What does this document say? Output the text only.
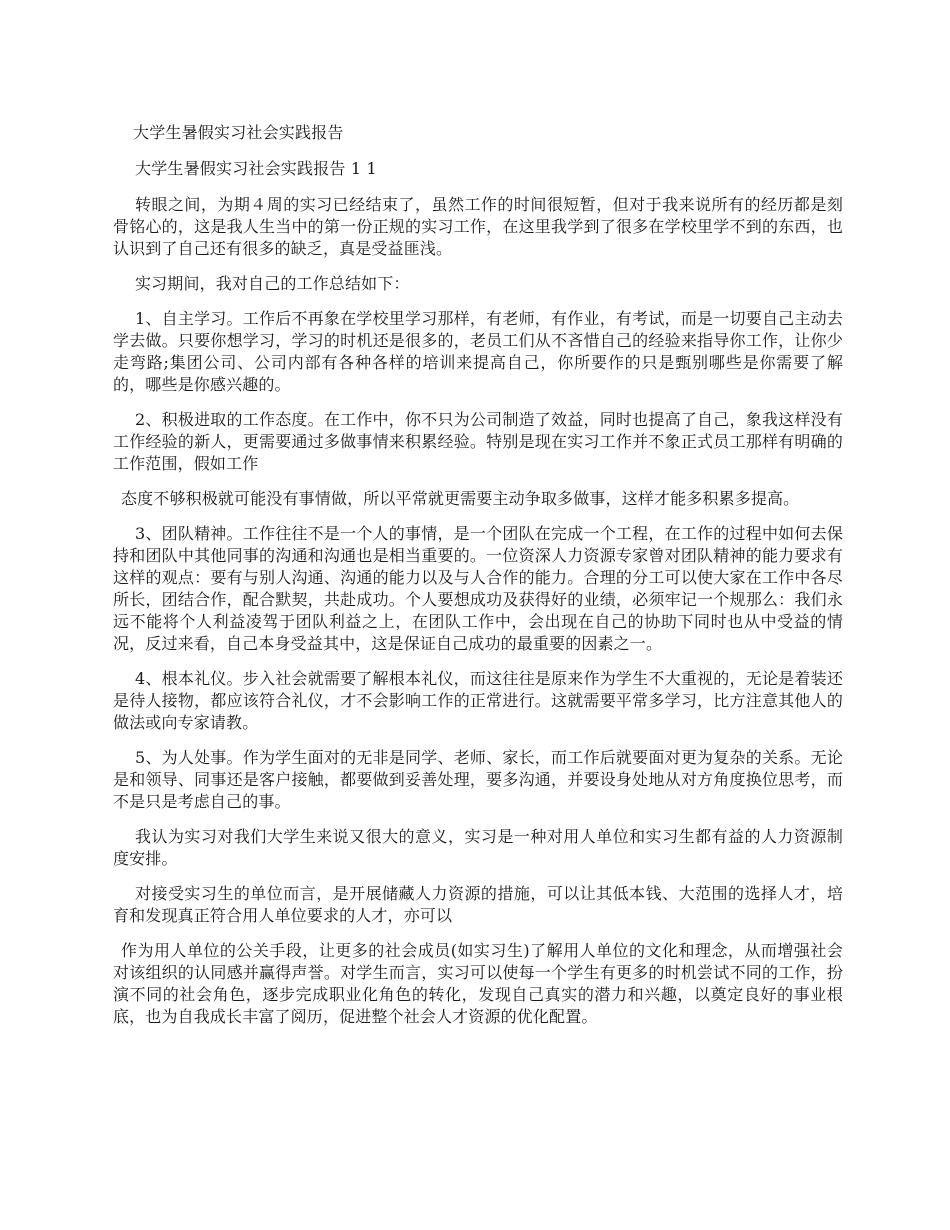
大学生暑假实习社会实践报告
大学生暑假实习社会实践报告 1 1

转眼之间，为期４周的实习已经结束了，虽然工作的时间很短暂，但对于我来说所有的经历都是刻骨铭心的，这是我人生当中的第一份正规的实习工作，在这里我学到了很多在学校里学不到的东西，也认识到了自己还有很多的缺乏，真是受益匪浅。

实习期间，我对自己的工作总结如下：

1、自主学习。工作后不再象在学校里学习那样，有老师，有作业，有考试，而是一切要自己主动去学去做。只要你想学习，学习的时机还是很多的，老员工们从不吝惜自己的经验来指导你工作，让你少走弯路;集团公司、公司内部有各种各样的培训来提高自己，你所要作的只是甄别哪些是你需要了解的，哪些是你感兴趣的。

2、积极进取的工作态度。在工作中，你不只为公司制造了效益，同时也提高了自己，象我这样没有工作经验的新人，更需要通过多做事情来积累经验。特别是现在实习工作并不象正式员工那样有明确的工作范围，假如工作

态度不够积极就可能没有事情做，所以平常就更需要主动争取多做事，这样才能多积累多提高。

3、团队精神。工作往往不是一个人的事情，是一个团队在完成一个工程，在工作的过程中如何去保持和团队中其他同事的沟通和沟通也是相当重要的。一位资深人力资源专家曾对团队精神的能力要求有这样的观点：要有与别人沟通、沟通的能力以及与人合作的能力。合理的分工可以使大家在工作中各尽所长，团结合作，配合默契，共赴成功。个人要想成功及获得好的业绩，必须牢记一个规那么：我们永远不能将个人利益凌驾于团队利益之上，在团队工作中，会出现在自己的协助下同时也从中受益的情况，反过来看，自己本身受益其中，这是保证自己成功的最重要的因素之一。

4、根本礼仪。步入社会就需要了解根本礼仪，而这往往是原来作为学生不大重视的，无论是着装还是待人接物，都应该符合礼仪，才不会影响工作的正常进行。这就需要平常多学习，比方注意其他人的做法或向专家请教。

5、为人处事。作为学生面对的无非是同学、老师、家长，而工作后就要面对更为复杂的关系。无论是和领导、同事还是客户接触，都要做到妥善处理，要多沟通，并要设身处地从对方角度换位思考，而不是只是考虑自己的事。

我认为实习对我们大学生来说又很大的意义，实习是一种对用人单位和实习生都有益的人力资源制度安排。

对接受实习生的单位而言，是开展储藏人力资源的措施，可以让其低本钱、大范围的选择人才，培育和发现真正符合用人单位要求的人才，亦可以

作为用人单位的公关手段，让更多的社会成员(如实习生)了解用人单位的文化和理念，从而增强社会对该组织的认同感并赢得声誉。对学生而言，实习可以使每一个学生有更多的时机尝试不同的工作，扮演不同的社会角色，逐步完成职业化角色的转化，发现自己真实的潜力和兴趣，以奠定良好的事业根底，也为自我成长丰富了阅历，促进整个社会人才资源的优化配置。
